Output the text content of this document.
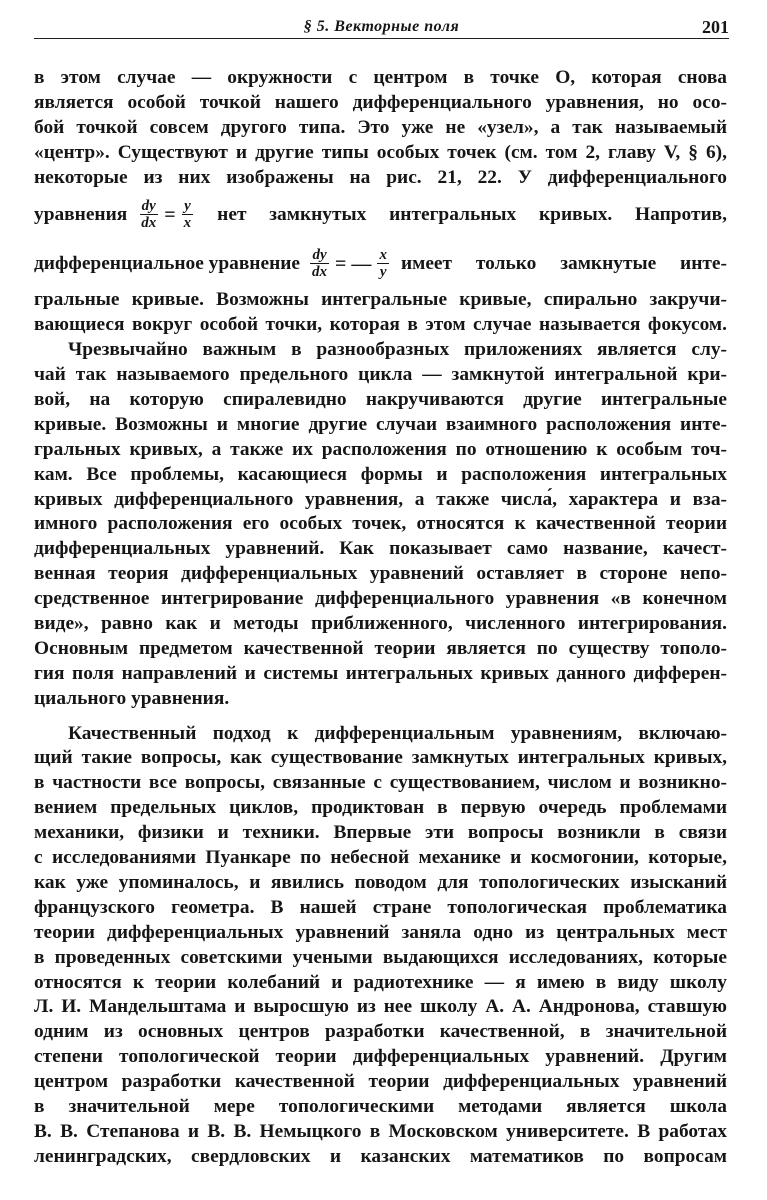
§ 5. Векторные поля	201
в этом случае — окружности с центром в точке O, которая снова
является особой точкой нашего дифференциального уравнения, но осо-
бой точкой совсем другого типа. Это уже не «узел», а так называемый
«центр». Существуют и другие типы особых точек (см. том 2, главу V, § 6),
некоторые из них изображены на рис. 21, 22. У дифференциального
уравнения $\frac{dy}{dx} = \frac{y}{x}$ нет замкнутых интегральных кривых. Напротив,
дифференциальное уравнение $\frac{dy}{dx}$ = — $\frac{x}{y}$ имеет только замкнутые инте-
гральные кривые. Возможны интегральные кривые, спирально закручи-
вающиеся вокруг особой точки, которая в этом случае называется фокусом.
Чрезвычайно важным в разнообразных приложениях является слу-
чай так называемого предельного цикла — замкнутой интегральной кри-
вой, на которую спиралевидно накручиваются другие интегральные
кривые. Возможны и многие другие случаи взаимного расположения инте-
гральных кривых, а также их расположения по отношению к особым точ-
кам. Все проблемы, касающиеся формы и расположения интегральных
кривых дифференциального уравнения, а также числа́, характера и вза-
имного расположения его особых точек, относятся к качественной теории
дифференциальных уравнений. Как показывает само название, качест-
венная теория дифференциальных уравнений оставляет в стороне непо-
средственное интегрирование дифференциального уравнения «в конечном
виде», равно как и методы приближенного, численного интегрирования.
Основным предметом качественной теории является по существу тополо-
гия поля направлений и системы интегральных кривых данного дифферен-
циального уравнения.
Качественный подход к дифференциальным уравнениям, включаю-
щий такие вопросы, как существование замкнутых интегральных кривых,
в частности все вопросы, связанные с существованием, числом и возникно-
вением предельных циклов, продиктован в первую очередь проблемами
механики, физики и техники. Впервые эти вопросы возникли в связи
с исследованиями Пуанкаре по небесной механике и космогонии, которые,
как уже упоминалось, и явились поводом для топологических изысканий
французского геометра. В нашей стране топологическая проблематика
теории дифференциальных уравнений заняла одно из центральных мест
в проведенных советскими учеными выдающихся исследованиях, которые
относятся к теории колебаний и радиотехнике — я имею в виду школу
Л. И. Мандельштама и выросшую из нее школу А. А. Андронова, ставшую
одним из основных центров разработки качественной, в значительной
степени топологической теории дифференциальных уравнений. Другим
центром разработки качественной теории дифференциальных уравнений
в значительной мере топологическими методами является школа
В. В. Степанова и В. В. Немыцкого в Московском университете. В работах
ленинградских, свердловских и казанских математиков по вопросам
